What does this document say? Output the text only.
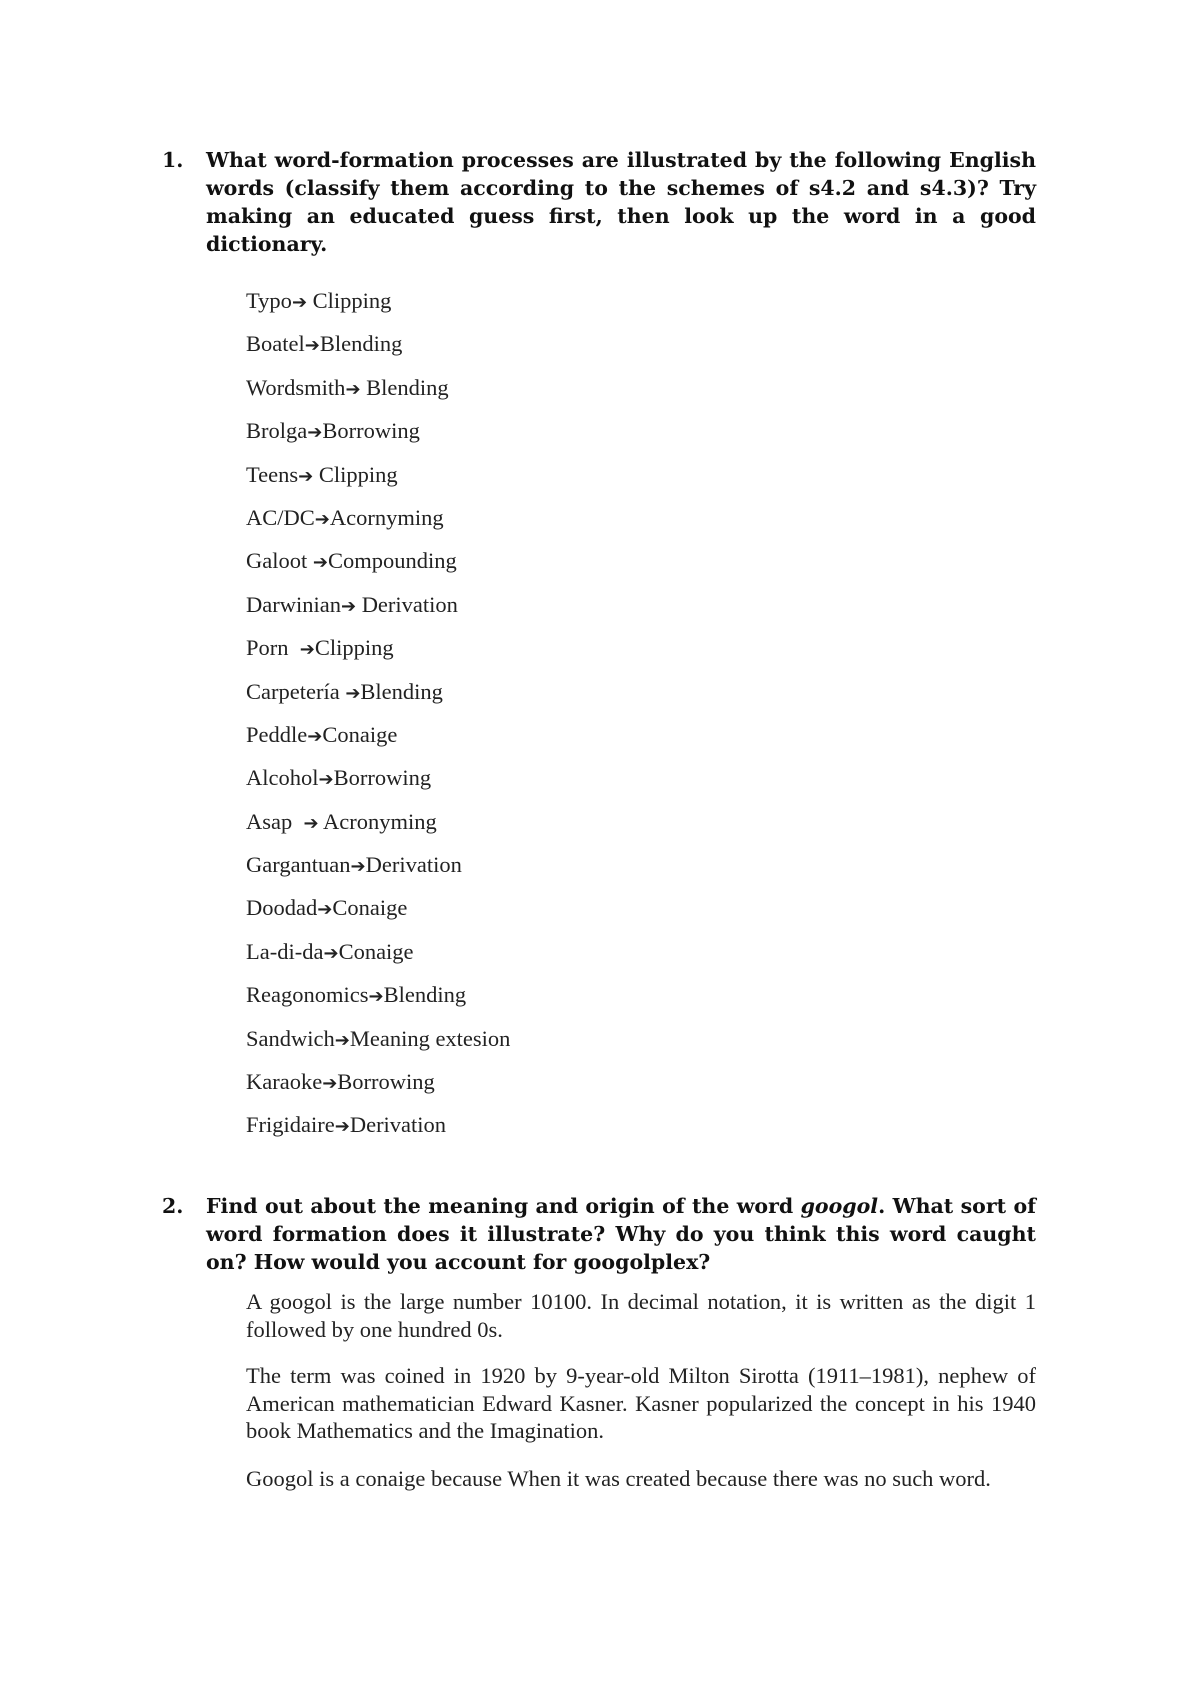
1.	What word-formation processes are illustrated by the following English words (classify them according to the schemes of s4.2 and s4.3)? Try making an educated guess first, then look up the word in a good dictionary.
Typo➔ Clipping
Boatel➔Blending
Wordsmith➔ Blending
Brolga➔Borrowing
Teens➔ Clipping
AC/DC➔Acornyming
Galoot ➔Compounding
Darwinian➔ Derivation
Porn  ➔Clipping
Carpetería ➔Blending
Peddle➔Conaige
Alcohol➔Borrowing
Asap  ➔ Acronyming
Gargantuan➔Derivation
Doodad➔Conaige
La-di-da➔Conaige
Reagonomics➔Blending
Sandwich➔Meaning extesion
Karaoke➔Borrowing
Frigidaire➔Derivation
2.	Find out about the meaning and origin of the word googol. What sort of word formation does it illustrate? Why do you think this word caught on? How would you account for googolplex?

A googol is the large number 10100. In decimal notation, it is written as the digit 1 followed by one hundred 0s.

The term was coined in 1920 by 9-year-old Milton Sirotta (1911–1981), nephew of American mathematician Edward Kasner. Kasner popularized the concept in his 1940 book Mathematics and the Imagination.

Googol is a conaige because When it was created because there was no such word.
